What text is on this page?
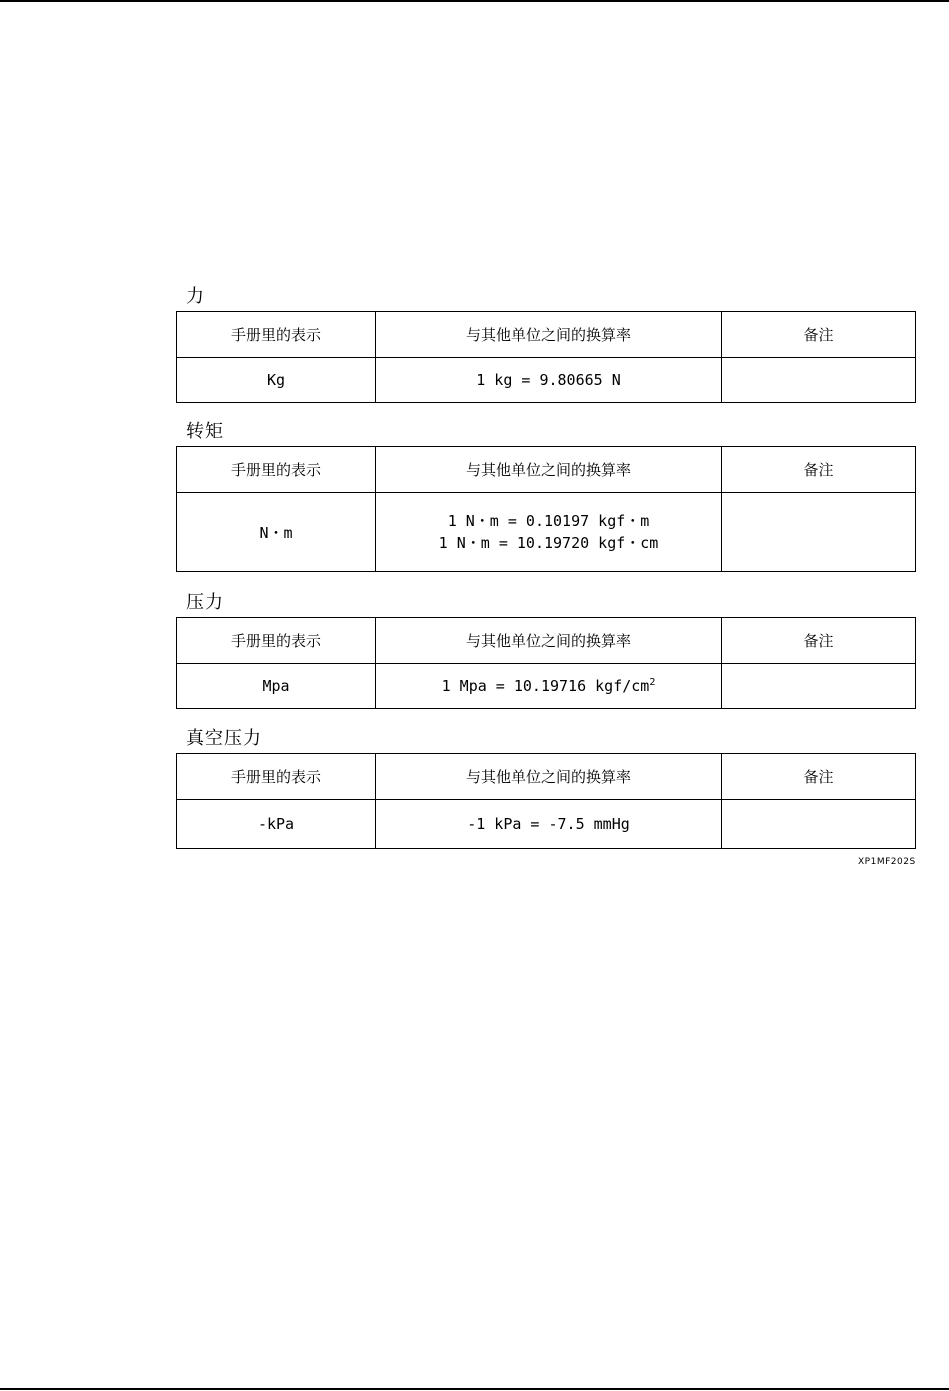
力
手册里的表示	与其他单位之间的换算率	备注
Kg	1 kg = 9.80665 N	

转矩
手册里的表示	与其他单位之间的换算率	备注
N・m	1 N・m = 0.10197 kgf・m
1 N・m = 10.19720 kgf・cm	

压力
手册里的表示	与其他单位之间的换算率	备注
Mpa	1 Mpa = 10.19716 kgf/$cm^2$	
真空压力
手册里的表示	与其他单位之间的换算率	备注
-kPa	-1 kPa = -7.5 mmHg	

XP1MF202S
